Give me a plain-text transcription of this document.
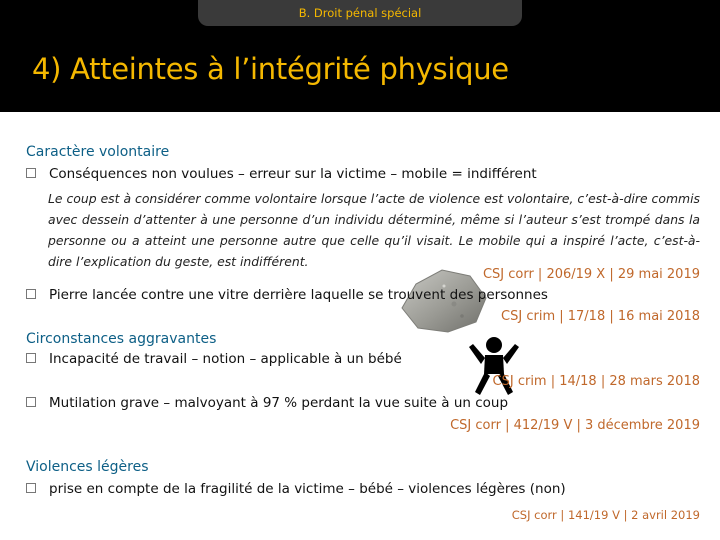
B. Droit pénal spécial
4) Atteintes à l’intégrité physique
Caractère volontaire
Conséquences non voulues – erreur sur la victime – mobile = indifférent
Le coup est à considérer comme volontaire lorsque l’acte de violence est volontaire, c’est-à-dire commis avec dessein d’attenter à une personne d’un individu déterminé, même si l’auteur s’est trompé dans la personne ou a atteint une personne autre que celle qu’il visait. Le mobile qui a inspiré l’acte, c’est-à-dire l’explication du geste, est indifférent.
CSJ corr | 206/19 X | 29 mai 2019
Pierre lancée contre une vitre derrière laquelle se trouvent des personnes
CSJ crim | 17/18 | 16 mai 2018
Circonstances aggravantes
Incapacité de travail – notion – applicable à un bébé
CSJ crim | 14/18 | 28 mars 2018
Mutilation grave – malvoyant à 97 % perdant la vue suite à un coup
CSJ corr | 412/19 V | 3 décembre 2019
Violences légères
prise en compte de la fragilité de la victime – bébé – violences légères (non)
CSJ corr | 141/19 V | 2 avril 2019
